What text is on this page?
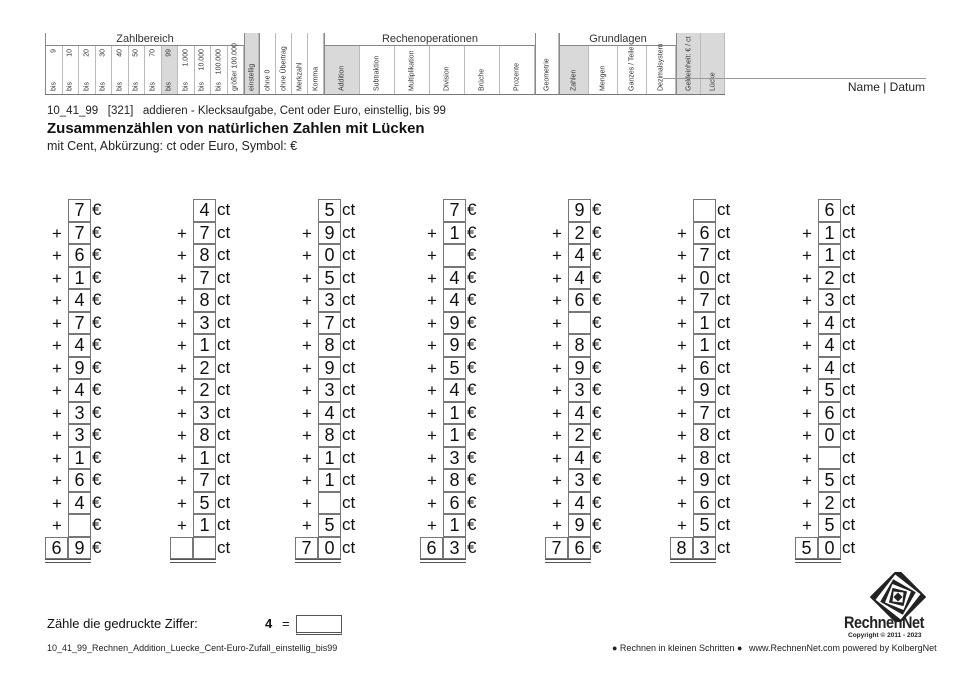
Zahlbereich
9
bis
10
bis
20
bis
30
bis
40
bis
50
bis
70
bis
99
bis
1.000
bis
10.000
bis
100.000
bis größer 100.000 einstellig ohne 0 ohne Übertrag Merkzahl Komma
Rechenoperationen
Addition	Subtraktion	Multiplikation	Division	Brüche	Prozente	Geometrie
Grundlagen
Zahlen	Mengen	Ganzes / Teile	Dezimalsystem	Geldeinheit: € / ct Lücke	Name | Datum
10_41_99   [321]   addieren - Klecksaufgabe, Cent oder Euro, einstellig, bis 99
Zusammenzählen von natürlichen Zahlen mit Lücken
mit Cent, Abkürzung: ct oder Euro, Symbol: €
7 €
+ 7 €
+ 6 €
+ 1 €
+ 4 €
+ 7 €
+ 4 €
+ 9 €
+ 4 €
+ 3 €
+ 3 €
+ 1 €
+ 6 €
+ 4 €
+ €
6 9 €
4 ct
+ 7 ct
+ 8 ct
+ 7 ct
+ 8 ct
+ 3 ct
+ 1 ct
+ 2 ct
+ 2 ct
+ 3 ct
+ 8 ct
+ 1 ct
+ 7 ct
+ 5 ct
+ 1 ct
ct
5 ct
+ 9 ct
+ 0 ct
+ 5 ct
+ 3 ct
+ 7 ct
+ 8 ct
+ 9 ct
+ 3 ct
+ 4 ct
+ 8 ct
+ 1 ct
+ 1 ct
+ ct
+ 5 ct
7 0 ct
7 €
+ 1 €
+ €
+ 4 €
+ 4 €
+ 9 €
+ 9 €
+ 5 €
+ 4 €
+ 1 €
+ 1 €
+ 3 €
+ 8 €
+ 6 €
+ 1 €
6 3 €
9 €
+ 2 €
+ 4 €
+ 4 €
+ 6 €
+ €
+ 8 €
+ 9 €
+ 3 €
+ 4 €
+ 2 €
+ 4 €
+ 3 €
+ 4 €
+ 9 €
7 6 €
ct
+ 6 ct
+ 7 ct
+ 0 ct
+ 7 ct
+ 1 ct
+ 1 ct
+ 6 ct
+ 9 ct
+ 7 ct
+ 8 ct
+ 8 ct
+ 9 ct
+ 6 ct
+ 5 ct
8 3 ct
6 ct
+ 1 ct
+ 1 ct
+ 2 ct
+ 3 ct
+ 4 ct
+ 4 ct
+ 4 ct
+ 5 ct
+ 6 ct
+ 0 ct
+ ct
+ 5 ct
+ 2 ct
+ 5 ct
5 0 ct
Zähle die gedruckte Ziffer:	4 =
10_41_99_Rechnen_Addition_Luecke_Cent-Euro-Zufall_einstellig_bis99	● Rechnen in kleinen Schritten ● www.RechnenNet.com powered by KolbergNet
RechnenNet
Copyright © 2011 - 2023
